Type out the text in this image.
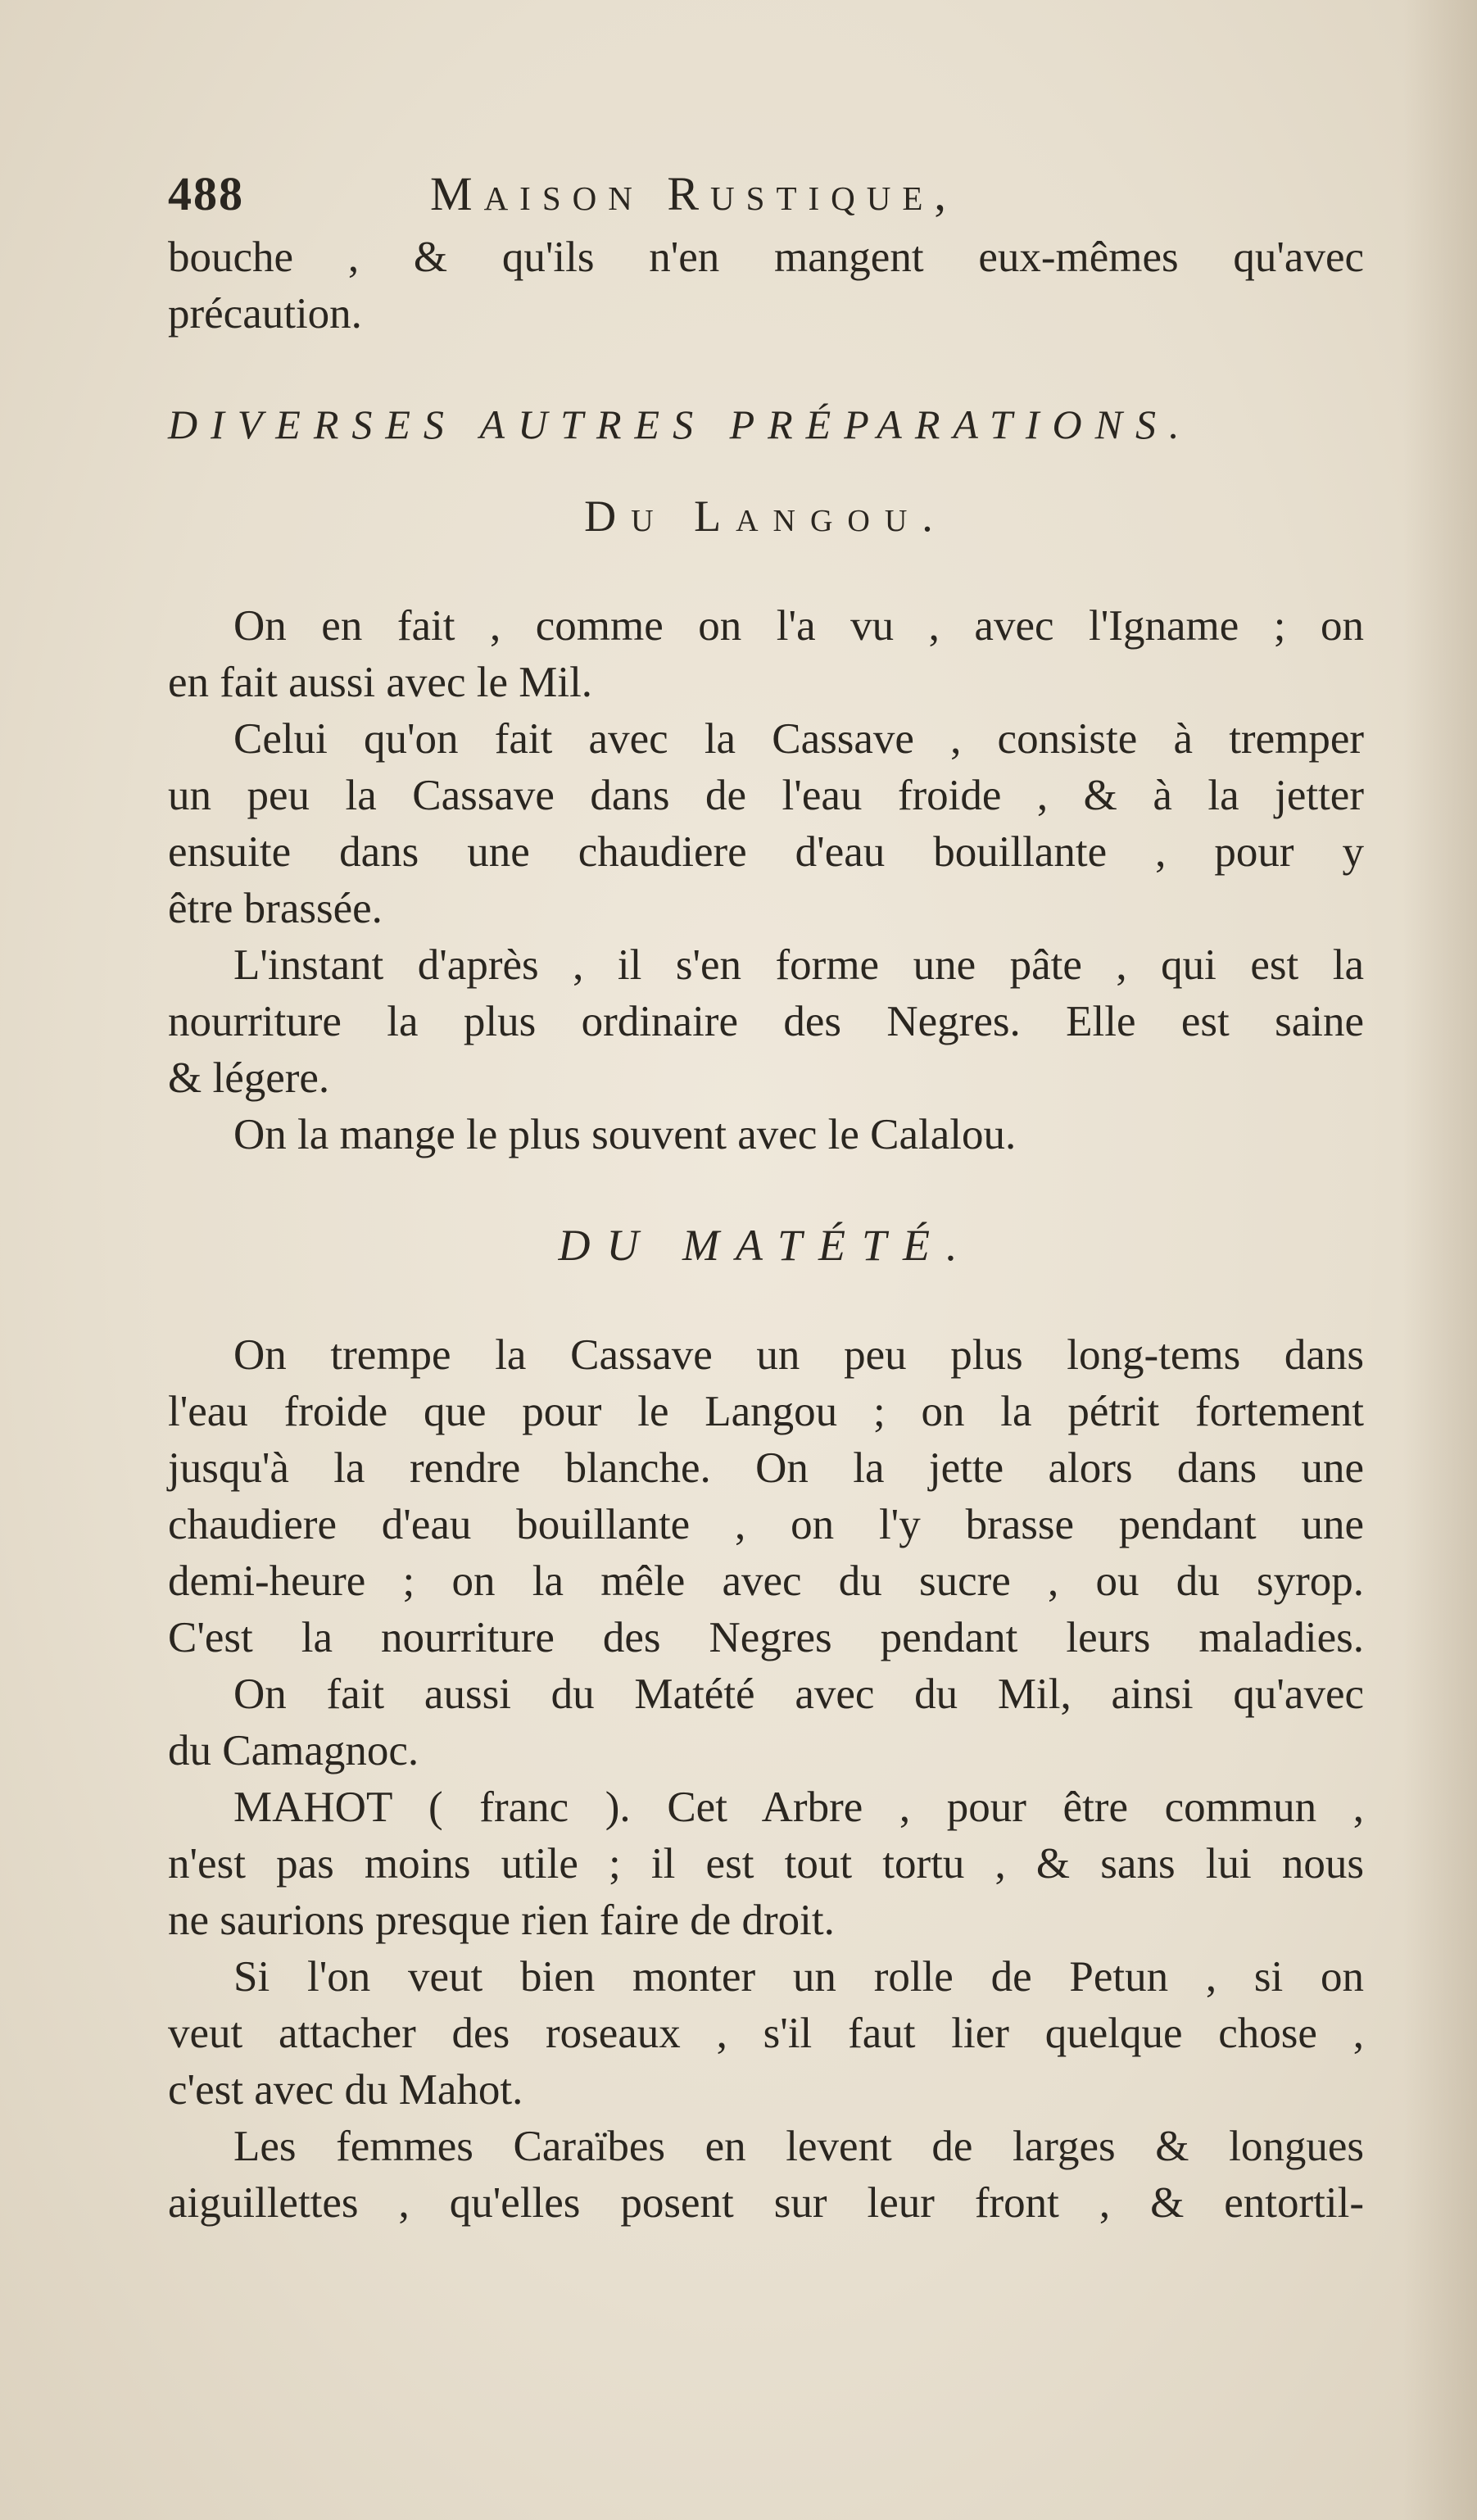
488	Maison Rustique,
bouche , & qu'ils n'en mangent eux-mêmes qu'avec
précaution.
DIVERSES AUTRES PRÉPARATIONS.
Du Langou.
On en fait , comme on l'a vu , avec l'Igname ; on
en fait aussi avec le Mil.
Celui qu'on fait avec la Cassave , consiste à tremper
un peu la Cassave dans de l'eau froide , & à la jetter
ensuite dans une chaudiere d'eau bouillante , pour y
être brassée.
L'instant d'après , il s'en forme une pâte , qui est la
nourriture la plus ordinaire des Negres. Elle est saine
& légere.
On la mange le plus souvent avec le Calalou.
DU MATÉTÉ.
On trempe la Cassave un peu plus long-tems dans
l'eau froide que pour le Langou ; on la pétrit fortement
jusqu'à la rendre blanche. On la jette alors dans une
chaudiere d'eau bouillante , on l'y brasse pendant une
demi-heure ; on la mêle avec du sucre , ou du syrop.
C'est la nourriture des Negres pendant leurs maladies.
On fait aussi du Matété avec du Mil, ainsi qu'avec
du Camagnoc.
MAHOT ( franc ). Cet Arbre , pour être commun ,
n'est pas moins utile ; il est tout tortu , & sans lui nous
ne saurions presque rien faire de droit.
Si l'on veut bien monter un rolle de Petun , si on
veut attacher des roseaux , s'il faut lier quelque chose ,
c'est avec du Mahot.
Les femmes Caraïbes en levent de larges & longues
aiguillettes , qu'elles posent sur leur front , & entortil-
